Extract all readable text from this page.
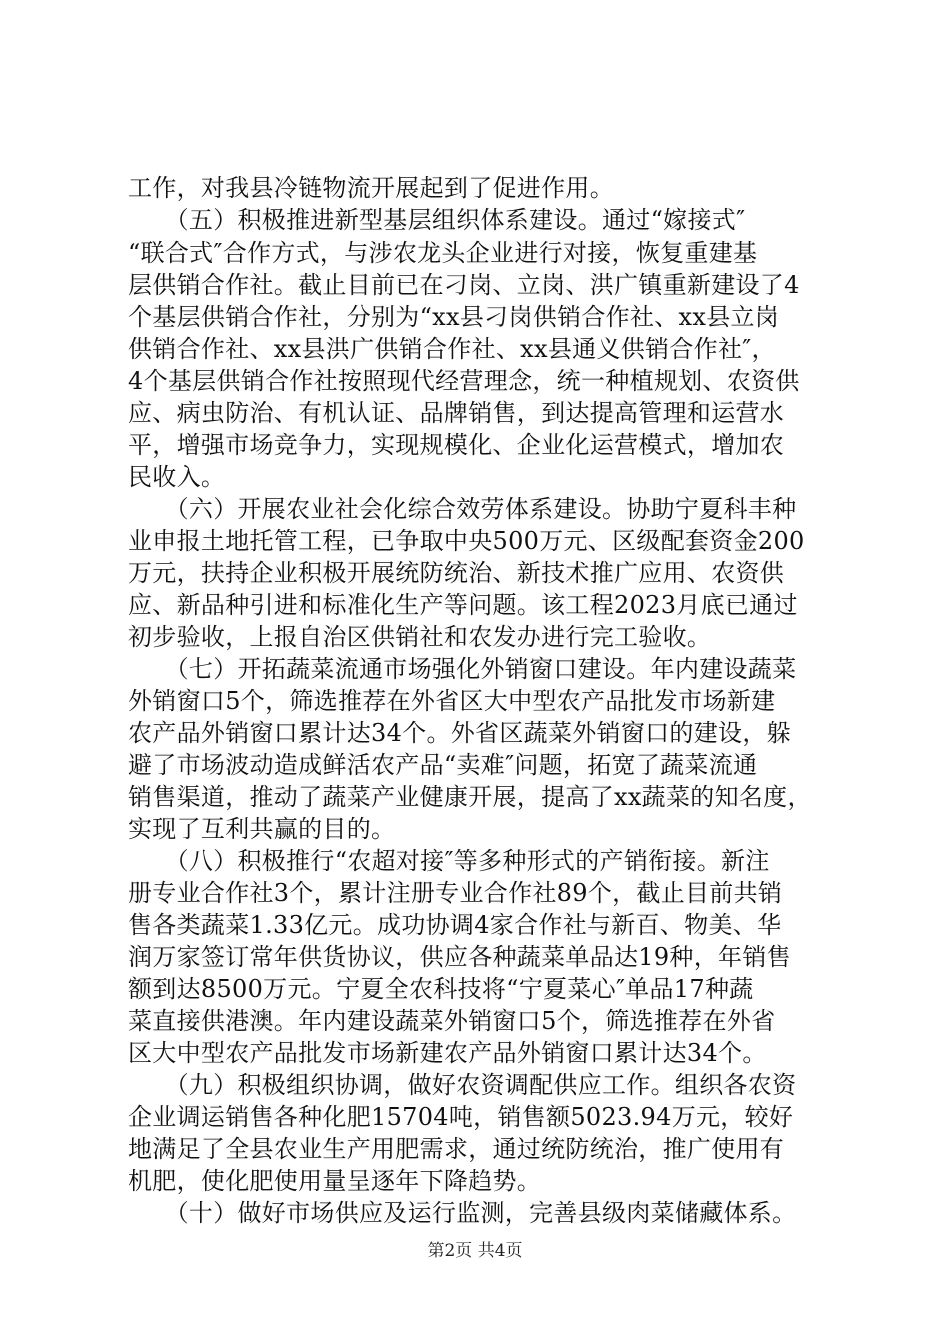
工作，对我县冷链物流开展起到了促进作用。
　　（五）积极推进新型基层组织体系建设。通过“嫁接式″
“联合式″合作方式，与涉农龙头企业进行对接，恢复重建基
层供销合作社。截止目前已在刁岗、立岗、洪广镇重新建设了4
个基层供销合作社，分别为“xx县刁岗供销合作社、xx县立岗
供销合作社、xx县洪广供销合作社、xx县通义供销合作社″，
4个基层供销合作社按照现代经营理念，统一种植规划、农资供
应、病虫防治、有机认证、品牌销售，到达提高管理和运营水
平，增强市场竞争力，实现规模化、企业化运营模式，增加农
民收入。
　　（六）开展农业社会化综合效劳体系建设。协助宁夏科丰种
业申报土地托管工程，已争取中央500万元、区级配套资金200
万元，扶持企业积极开展统防统治、新技术推广应用、农资供
应、新品种引进和标准化生产等问题。该工程2023月底已通过
初步验收，上报自治区供销社和农发办进行完工验收。
　　（七）开拓蔬菜流通市场强化外销窗口建设。年内建设蔬菜
外销窗口5个，筛选推荐在外省区大中型农产品批发市场新建
农产品外销窗口累计达34个。外省区蔬菜外销窗口的建设，躲
避了市场波动造成鲜活农产品“卖难″问题，拓宽了蔬菜流通
销售渠道，推动了蔬菜产业健康开展，提高了xx蔬菜的知名度，
实现了互利共赢的目的。
　　（八）积极推行“农超对接″等多种形式的产销衔接。新注
册专业合作社3个，累计注册专业合作社89个，截止目前共销
售各类蔬菜1.33亿元。成功协调4家合作社与新百、物美、华
润万家签订常年供货协议，供应各种蔬菜单品达19种，年销售
额到达8500万元。宁夏全农科技将“宁夏菜心″单品17种蔬
菜直接供港澳。年内建设蔬菜外销窗口5个，筛选推荐在外省
区大中型农产品批发市场新建农产品外销窗口累计达34个。
　　（九）积极组织协调，做好农资调配供应工作。组织各农资
企业调运销售各种化肥15704吨，销售额5023.94万元，较好
地满足了全县农业生产用肥需求，通过统防统治，推广使用有
机肥，使化肥使用量呈逐年下降趋势。
　　（十）做好市场供应及运行监测，完善县级肉菜储藏体系。
第2页 共4页
